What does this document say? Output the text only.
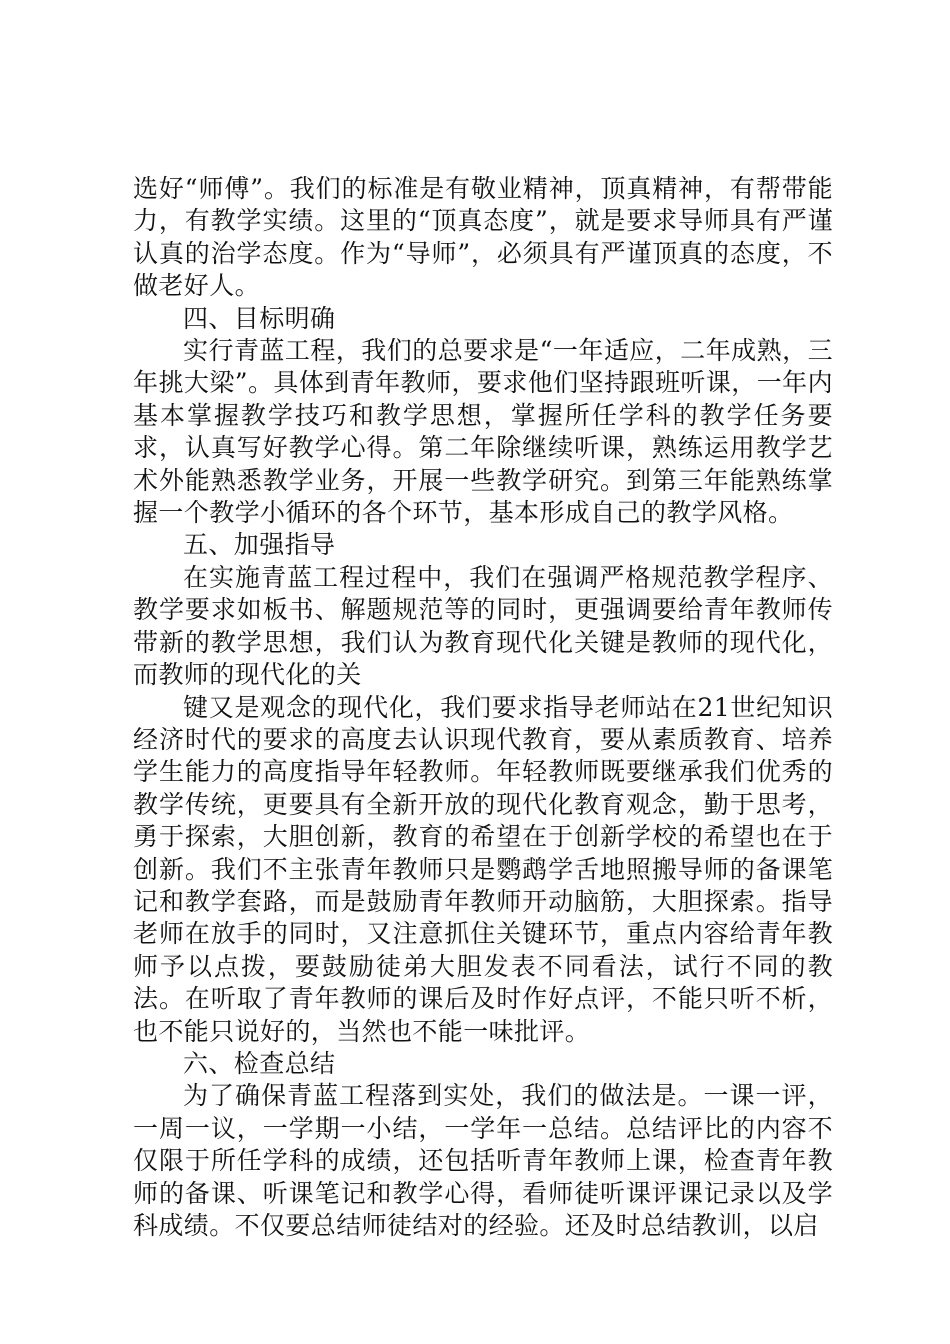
选好“师傅”。我们的标准是有敬业精神，顶真精神，有帮带能力，有教学实绩。这里的“顶真态度”，就是要求导师具有严谨认真的治学态度。作为“导师”，必须具有严谨顶真的态度，不做老好人。

四、目标明确

实行青蓝工程，我们的总要求是“一年适应，二年成熟，三年挑大梁”。具体到青年教师，要求他们坚持跟班听课，一年内基本掌握教学技巧和教学思想，掌握所任学科的教学任务要求，认真写好教学心得。第二年除继续听课，熟练运用教学艺术外能熟悉教学业务，开展一些教学研究。到第三年能熟练掌握一个教学小循环的各个环节，基本形成自己的教学风格。

五、加强指导

在实施青蓝工程过程中，我们在强调严格规范教学程序、教学要求如板书、解题规范等的同时，更强调要给青年教师传带新的教学思想，我们认为教育现代化关键是教师的现代化，而教师的现代化的关

键又是观念的现代化，我们要求指导老师站在21世纪知识经济时代的要求的高度去认识现代教育，要从素质教育、培养学生能力的高度指导年轻教师。年轻教师既要继承我们优秀的教学传统，更要具有全新开放的现代化教育观念，勤于思考，勇于探索，大胆创新，教育的希望在于创新学校的希望也在于创新。我们不主张青年教师只是鹦鹉学舌地照搬导师的备课笔记和教学套路，而是鼓励青年教师开动脑筋，大胆探索。指导老师在放手的同时，又注意抓住关键环节，重点内容给青年教师予以点拨，要鼓励徒弟大胆发表不同看法，试行不同的教法。在听取了青年教师的课后及时作好点评，不能只听不析，也不能只说好的，当然也不能一味批评。

六、检查总结

为了确保青蓝工程落到实处，我们的做法是。一课一评，一周一议，一学期一小结，一学年一总结。总结评比的内容不仅限于所任学科的成绩，还包括听青年教师上课，检查青年教师的备课、听课笔记和教学心得，看师徒听课评课记录以及学科成绩。不仅要总结师徒结对的经验。还及时总结教训，以启
